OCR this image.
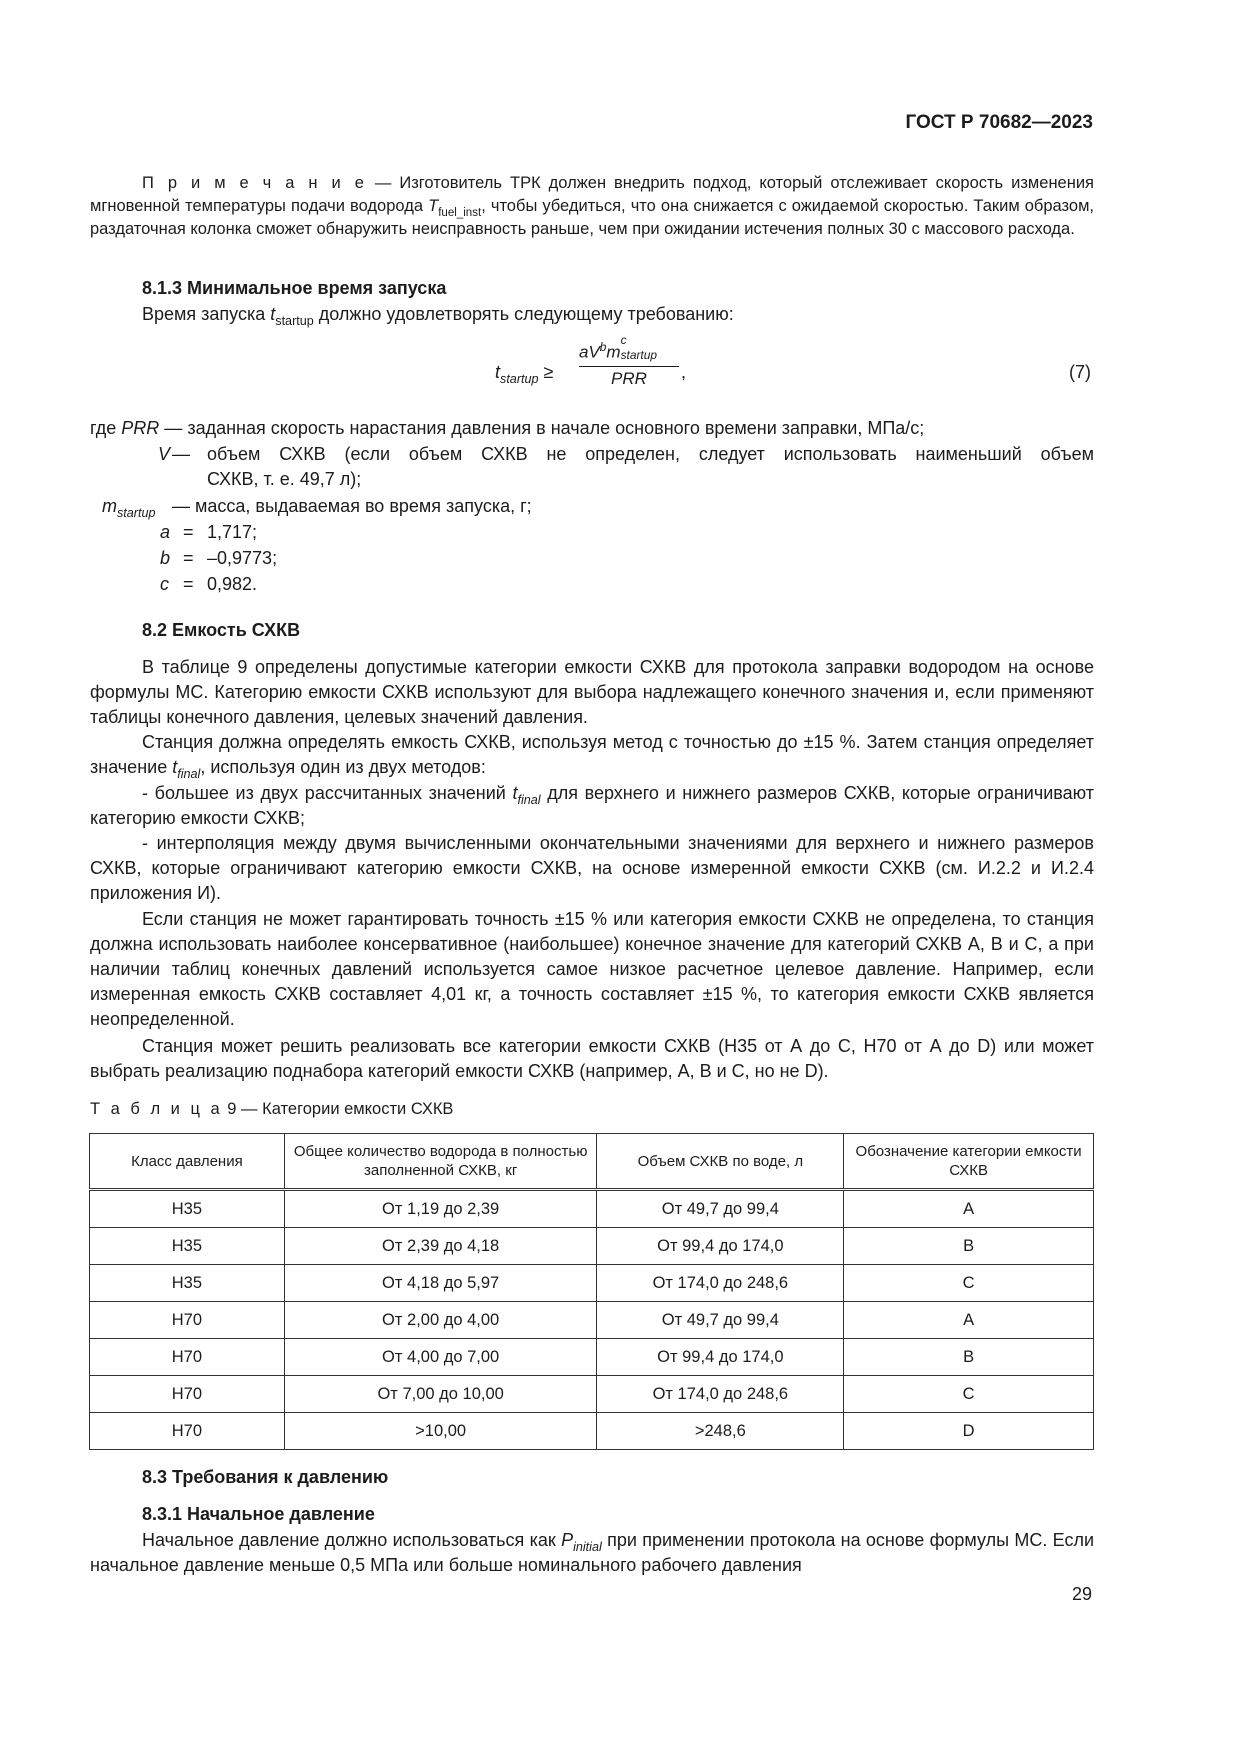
ГОСТ Р 70682—2023
П р и м е ч а н и е — Изготовитель ТРК должен внедрить подход, который отслеживает скорость изменения мгновенной температуры подачи водорода $T_{fuel\_inst}$, чтобы убедиться, что она снижается с ожидаемой скоростью. Таким образом, раздаточная колонка сможет обнаружить неисправность раньше, чем при ожидании истечения полных 30 с массового расхода.
8.1.3 Минимальное время запуска
Время запуска $t_{startup}$ должно удовлетворять следующему требованию:
$t_{startup}$ ≥
$aV^bm$
c
startup

PRR	,	(7)
где PRR — заданная скорость нарастания давления в начале основного времени заправки, МПа/с;
V — объем СХКВ (если объем СХКВ не определен, следует использовать наименьший объем
СХКВ, т. е. 49,7 л);
$m_{startup}$ — масса, выдаваемая во время запуска, г;
a = 1,717;
b = –0,9773;
c = 0,982.
8.2 Емкость СХКВ
В таблице 9 определены допустимые категории емкости СХКВ для протокола заправки водородом на основе формулы МС. Категорию емкости СХКВ используют для выбора надлежащего конечного значения и, если применяют таблицы конечного давления, целевых значений давления.
Станция должна определять емкость СХКВ, используя метод с точностью до ±15 %. Затем станция определяет значение $t_{final}$, используя один из двух методов:
- большее из двух рассчитанных значений $t_{final}$ для верхнего и нижнего размеров СХКВ, которые ограничивают категорию емкости СХКВ;
- интерполяция между двумя вычисленными окончательными значениями для верхнего и нижнего размеров СХКВ, которые ограничивают категорию емкости СХКВ, на основе измеренной емкости СХКВ (см. И.2.2 и И.2.4 приложения И).
Если станция не может гарантировать точность ±15 % или категория емкости СХКВ не определена, то станция должна использовать наиболее консервативное (наибольшее) конечное значение для категорий СХКВ А, В и С, а при наличии таблиц конечных давлений используется самое низкое расчетное целевое давление. Например, если измеренная емкость СХКВ составляет 4,01 кг, а точность составляет ±15 %, то категория емкости СХКВ является неопределенной.
Станция может решить реализовать все категории емкости СХКВ (Н35 от А до С, Н70 от А до D) или может выбрать реализацию поднабора категорий емкости СХКВ (например, А, В и С, но не D).
Т а б л и ц а 9 — Категории емкости СХКВ
Класс давления	Общее количество водорода в полностью заполненной СХКВ, кг	Объем СХКВ по воде, л	Обозначение категории емкости СХКВ
Н35	От 1,19 до 2,39	От 49,7 до 99,4	А
Н35	От 2,39 до 4,18	От 99,4 до 174,0	В
Н35	От 4,18 до 5,97	От 174,0 до 248,6	С
Н70	От 2,00 до 4,00	От 49,7 до 99,4	А
Н70	От 4,00 до 7,00	От 99,4 до 174,0	В
Н70	От 7,00 до 10,00	От 174,0 до 248,6	С
Н70	>10,00	>248,6	D
8.3 Требования к давлению
8.3.1 Начальное давление
Начальное давление должно использоваться как $P_{initial}$ при применении протокола на основе формулы МС. Если начальное давление меньше 0,5 МПа или больше номинального рабочего давления
29
